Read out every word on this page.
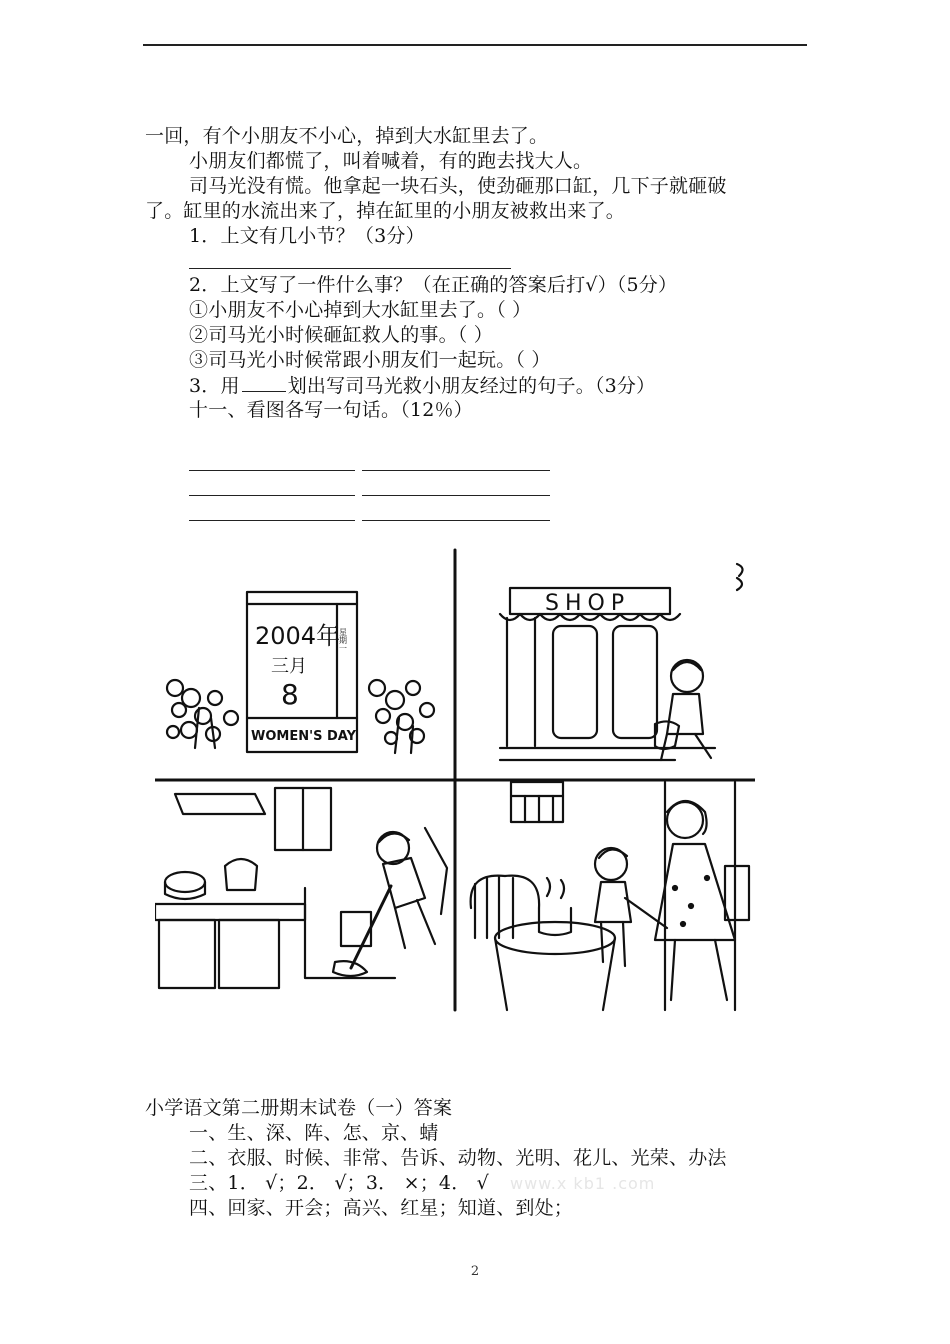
一回，有个小朋友不小心，掉到大水缸里去了。
小朋友们都慌了，叫着喊着，有的跑去找大人。
司马光没有慌。他拿起一块石头，使劲砸那口缸，几下子就砸破
了。缸里的水流出来了，掉在缸里的小朋友被救出来了。
1．上文有几小节？（3分）
2．上文写了一件什么事？（在正确的答案后打√）（5分）
①小朋友不小心掉到大水缸里去了。（ ）
②司马光小时候砸缸救人的事。（ ）
③司马光小时候常跟小朋友们一起玩。（ ）
3．用	划出写司马光救小朋友经过的句子。（3分）
十一、看图各写一句话。（12％）
2004年
三月
8
星期一
WOMEN'S DAY
SHOP
小学语文第二册期末试卷（一）答案
一、生、深、阵、怎、京、蜻
二、衣服、时候、非常、告诉、动物、光明、花儿、光荣、办法
三、1． √；2． √；3． ×；4． √
四、回家、开会；高兴、红星；知道、到处；
www.x kb1 .com
2
